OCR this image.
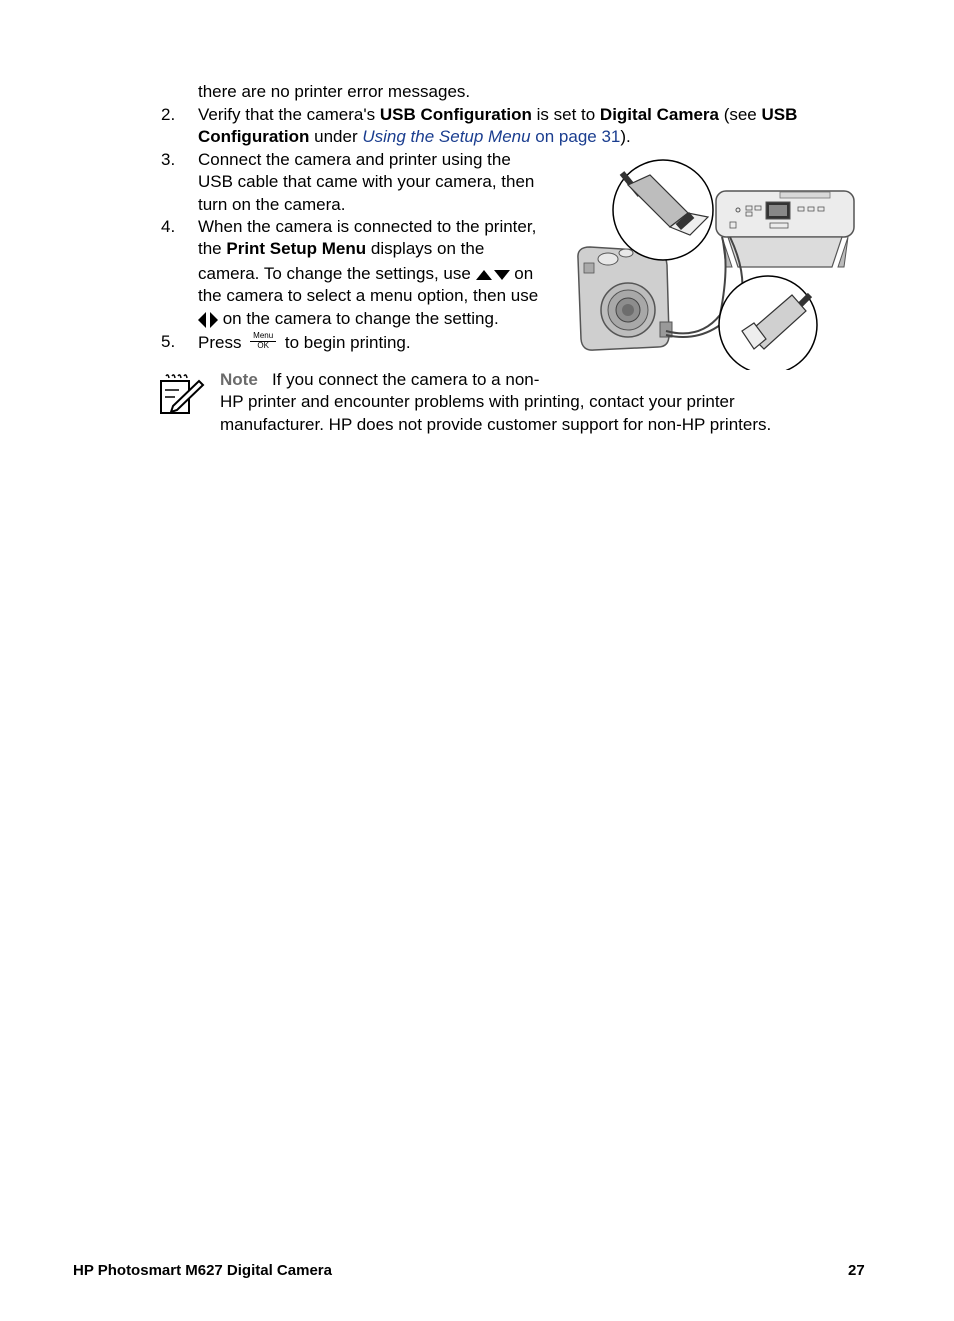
there are no printer error messages.
2. Verify that the camera's USB Configuration is set to Digital Camera (see USB
Configuration under Using the Setup Menu on page 31).
3. Connect the camera and printer using the
USB cable that came with your camera, then
turn on the camera.
4. When the camera is connected to the printer,
the Print Setup Menu displays on the
camera. To change the settings, use  on
the camera to select a menu option, then use
on the camera to change the setting.
5. Press Menu
OK to begin printing.
Note If you connect the camera to a non-
HP printer and encounter problems with printing, contact your printer
manufacturer. HP does not provide customer support for non-HP printers.
HP Photosmart M627 Digital Camera	27
